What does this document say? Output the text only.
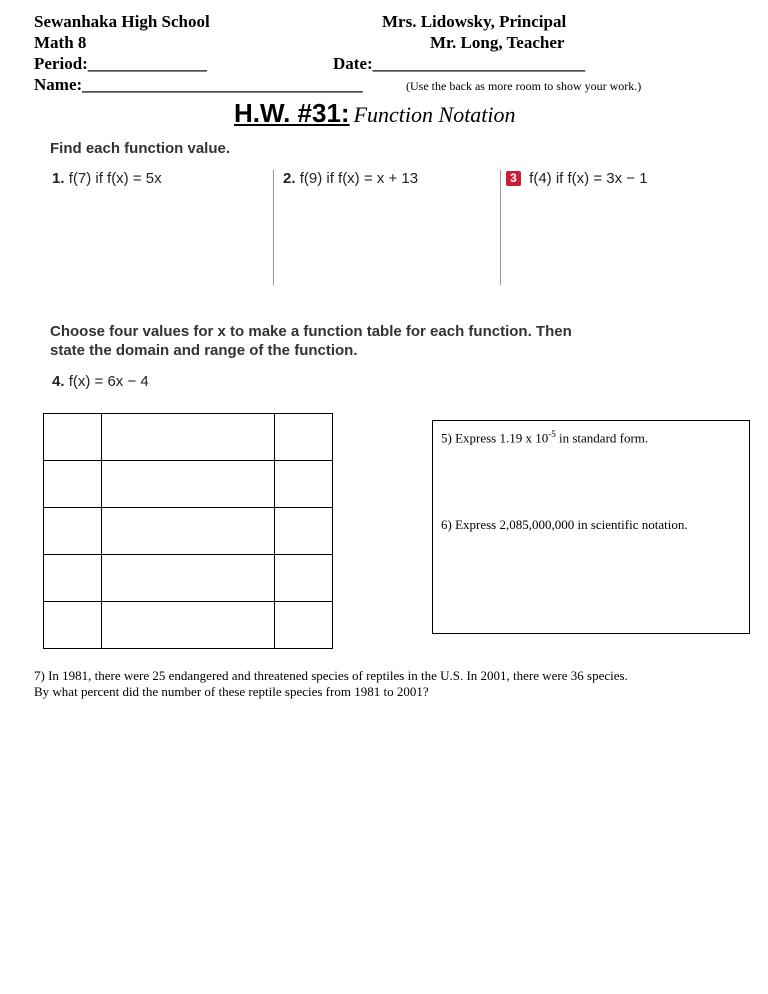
Sewanhaka High School
Math 8
Period:______________
Name:_________________________________
Mrs. Lidowsky, Principal
Mr. Long, Teacher
Date:_________________________
(Use the back as more room to show your work.)
H.W. #31: Function Notation
Find each function value.
1. f(7) if f(x) = 5x	2. f(9) if f(x) = x + 13	3 f(4) if f(x) = 3x − 1
Choose four values for x to make a function table for each function. Then
state the domain and range of the function.
4. f(x) = 6x − 4

5) Express 1.19 x $10^{-5}$ in standard form.
6) Express 2,085,000,000 in scientific notation.
7) In 1981, there were 25 endangered and threatened species of reptiles in the U.S. In 2001, there were 36 species.
By what percent did the number of these reptile species from 1981 to 2001?
